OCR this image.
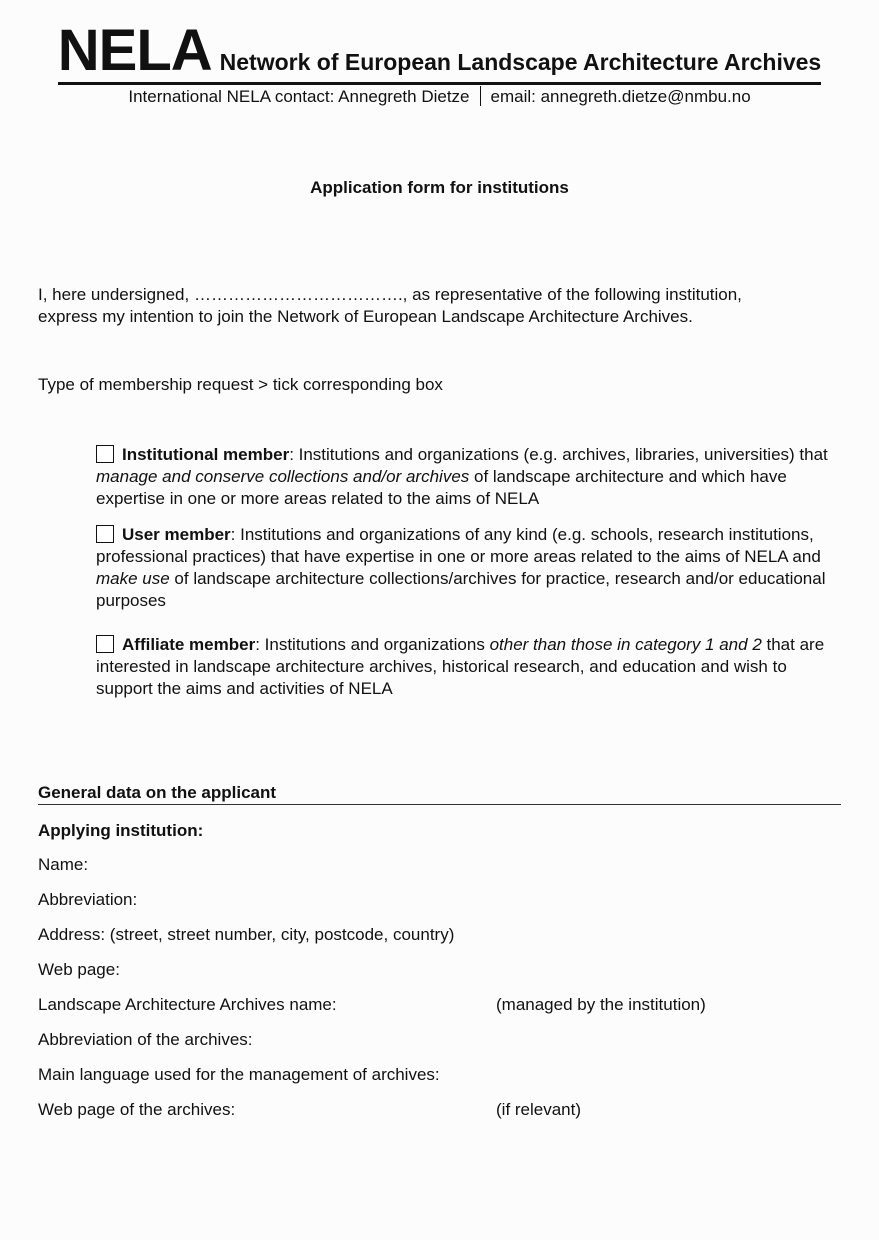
NELA Network of European Landscape Architecture Archives
International NELA contact: Annegreth Dietze email: annegreth.dietze@nmbu.no
Application form for institutions
I, here undersigned, ………………………………., as representative of the following institution,
express my intention to join the Network of European Landscape Architecture Archives.
Type of membership request > tick corresponding box
Institutional member: Institutions and organizations (e.g. archives, libraries, universities) that manage and conserve collections and/or archives of landscape architecture and which have expertise in one or more areas related to the aims of NELA
User member: Institutions and organizations of any kind (e.g. schools, research institutions, professional practices) that have expertise in one or more areas related to the aims of NELA and make use of landscape architecture collections/archives for practice, research and/or educational purposes
Affiliate member: Institutions and organizations other than those in category 1 and 2 that are interested in landscape architecture archives, historical research, and education and wish to support the aims and activities of NELA
General data on the applicant
Applying institution:
Name:
Abbreviation:
Address: (street, street number, city, postcode, country)
Web page:
Landscape Architecture Archives name:	(managed by the institution)
Abbreviation of the archives:
Main language used for the management of archives:
Web page of the archives:	(if relevant)
